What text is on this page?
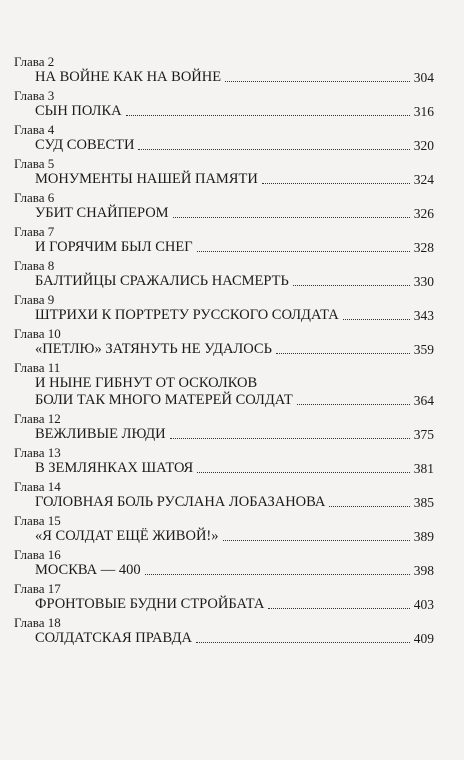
Глава 2
НА ВОЙНЕ КАК НА ВОЙНЕ	304
Глава 3
СЫН ПОЛКА	316
Глава 4
СУД СОВЕСТИ	320
Глава 5
МОНУМЕНТЫ НАШЕЙ ПАМЯТИ	324
Глава 6
УБИТ СНАЙПЕРОМ	326
Глава 7
И ГОРЯЧИМ БЫЛ СНЕГ	328
Глава 8
БАЛТИЙЦЫ СРАЖАЛИСЬ НАСМЕРТЬ	330
Глава 9
ШТРИХИ К ПОРТРЕТУ РУССКОГО СОЛДАТА	343
Глава 10
«ПЕТЛЮ» ЗАТЯНУТЬ НЕ УДАЛОСЬ	359
Глава 11
И НЫНЕ ГИБНУТ ОТ ОСКОЛКОВ
БОЛИ ТАК МНОГО МАТЕРЕЙ СОЛДАТ	364
Глава 12
ВЕЖЛИВЫЕ ЛЮДИ	375
Глава 13
В ЗЕМЛЯНКАХ ШАТОЯ	381
Глава 14
ГОЛОВНАЯ БОЛЬ РУСЛАНА ЛОБАЗАНОВА	385
Глава 15
«Я СОЛДАТ ЕЩЁ ЖИВОЙ!»	389
Глава 16
МОСКВА — 400	398
Глава 17
ФРОНТОВЫЕ БУДНИ СТРОЙБАТА	403
Глава 18
СОЛДАТСКАЯ ПРАВДА	409
